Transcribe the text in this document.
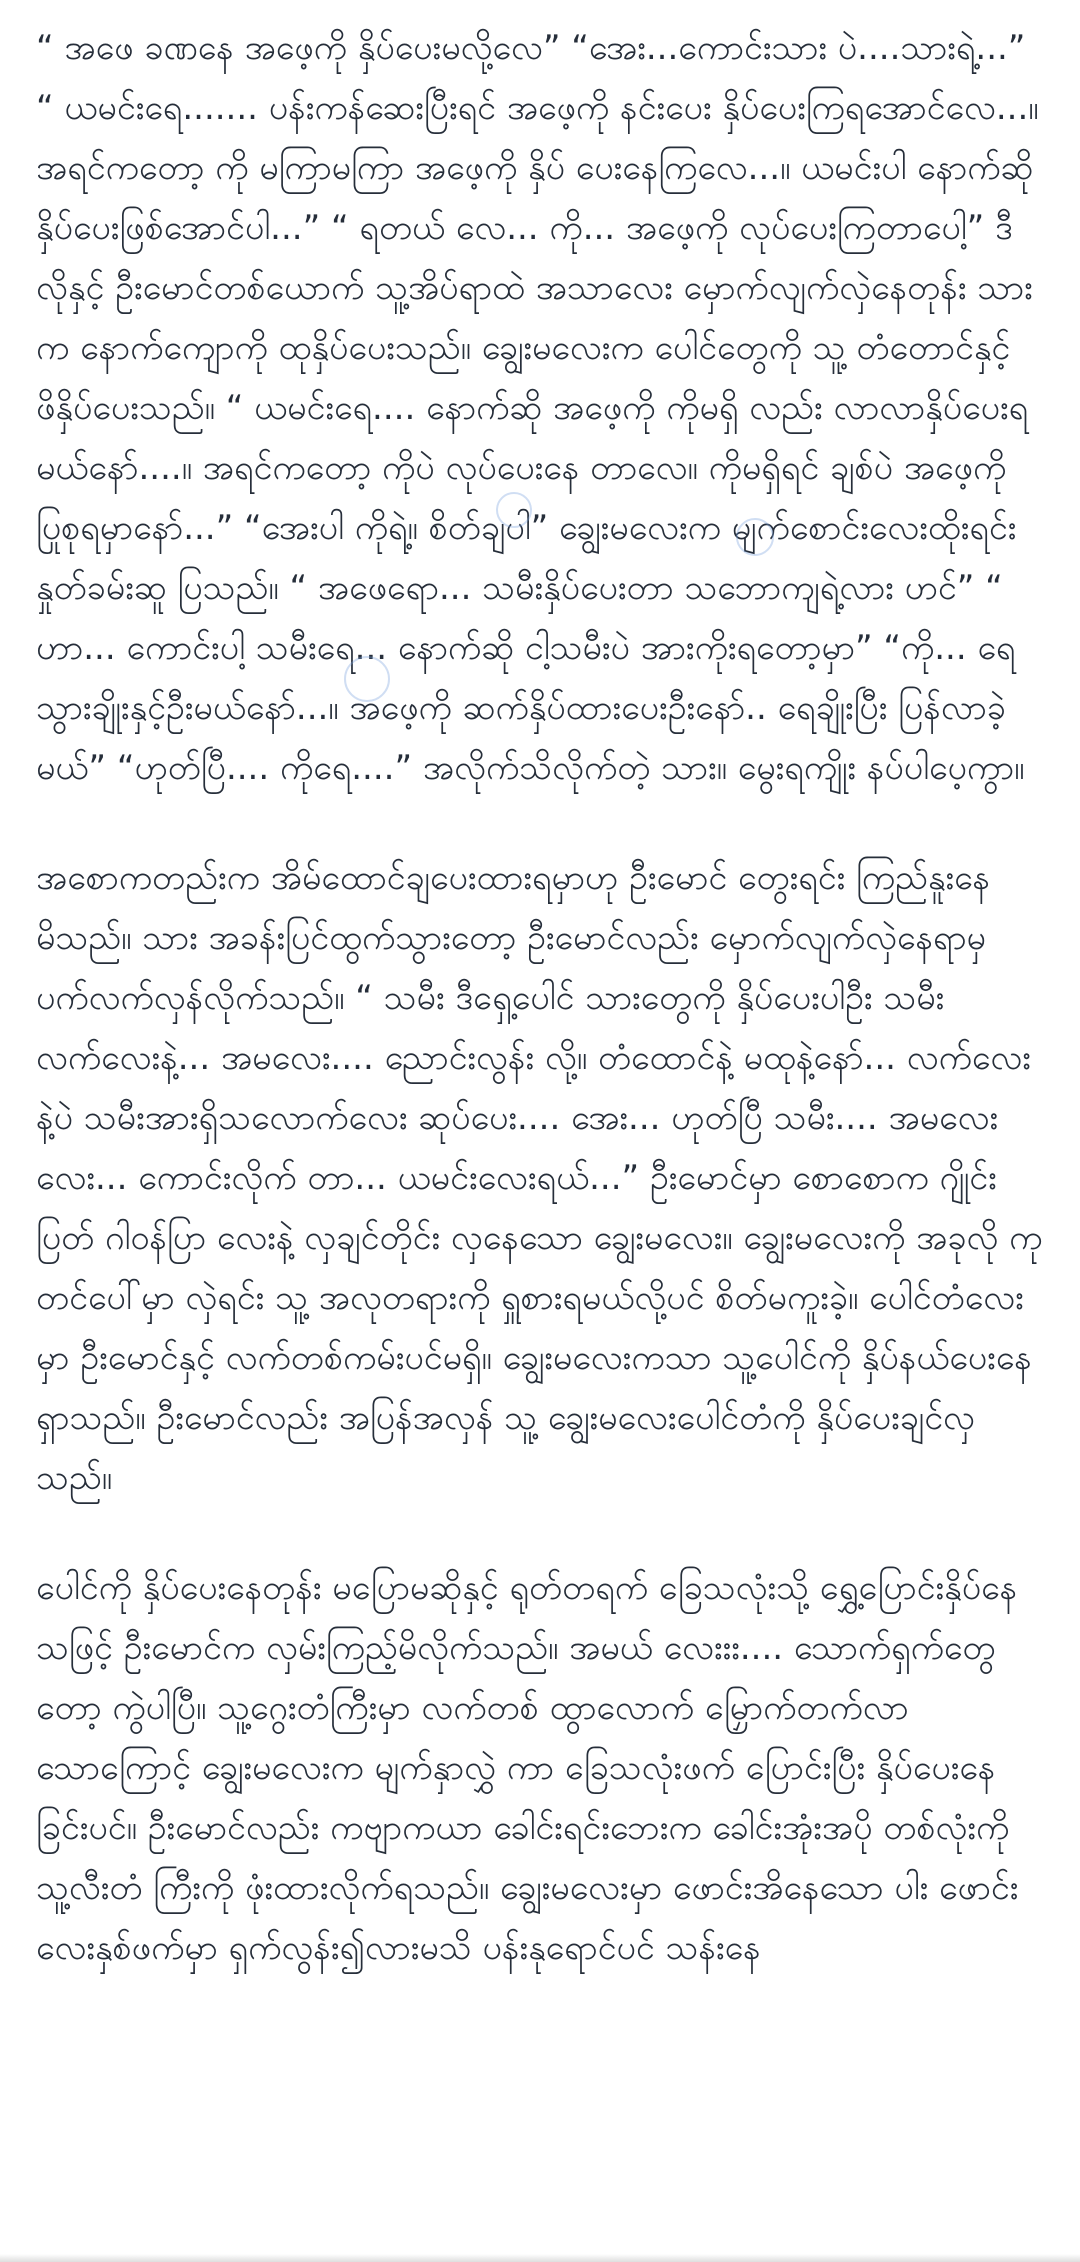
“ အဖေ ခဏနေ အဖေ့ကို နှိပ်ပေးမလို့လေ” “အေး...ကောင်းသား ပဲ....သားရဲ့...” “ ယမင်းရေ....... ပန်းကန်ဆေးပြီးရင် အဖေ့ကို နင်းပေး နှိပ်ပေးကြရအောင်လေ...။ အရင်ကတော့ ကို မကြာမကြာ အဖေ့ကို နှိပ် ပေးနေကြလေ...။ ယမင်းပါ နောက်ဆို နှိပ်ပေးဖြစ်အောင်ပါ...” “ ရတယ် လေ... ကို... အဖေ့ကို လုပ်ပေးကြတာပေါ့” ဒီလိုနှင့် ဦးမောင်တစ်ယောက် သူ့အိပ်ရာထဲ အသာလေး မှောက်လျက်လှဲနေတုန်း သားက နောက်ကျောကို ထုနှိပ်ပေးသည်။ ချွေးမလေးက ပေါင်တွေကို သူ့ တံတောင်နှင့် ဖိနှိပ်ပေးသည်။ “ ယမင်းရေ.... နောက်ဆို အဖေ့ကို ကိုမရှိ လည်း လာလာနှိပ်ပေးရမယ်နော်....။ အရင်ကတော့ ကိုပဲ လုပ်ပေးနေ တာလေ။ ကိုမရှိရင် ချစ်ပဲ အဖေ့ကို ပြုစုရမှာနော်...” “အေးပါ ကိုရဲ့။ စိတ်ချပါ” ချွေးမလေးက မျက်စောင်းလေးထိုးရင်း နှုတ်ခမ်းဆူ ပြသည်။ “ အဖေရော... သမီးနှိပ်ပေးတာ သဘောကျရဲ့လား ဟင်” “ ဟာ... ကောင်းပါ့ သမီးရေ... နောက်ဆို ငါ့သမီးပဲ အားကိုးရတော့မှာ” “ကို... ရေသွားချိုးနှင့်ဦးမယ်နော်...။ အဖေ့ကို ဆက်နှိပ်ထားပေးဦးနော်.. ရေချိုးပြီး ပြန်လာခဲ့မယ်” “ဟုတ်ပြီ.... ကိုရေ....” အလိုက်သိလိုက်တဲ့ သား။ မွေးရကျိုး နပ်ပါပေ့ကွာ။

အစောကတည်းက အိမ်ထောင်ချပေးထားရမှာဟု ဦးမောင် တွေးရင်း ကြည်နူးနေမိသည်။ သား အခန်းပြင်ထွက်သွားတော့ ဦးမောင်လည်း မှောက်လျက်လှဲနေရာမှ ပက်လက်လှန်လိုက်သည်။ “ သမီး ဒီရှေ့ပေါင် သားတွေကို နှိပ်ပေးပါဦး သမီးလက်လေးနဲ့... အမလေး.... ညောင်းလွန်း လို့။ တံထောင်နဲ့ မထုနဲ့နော်... လက်လေးနဲ့ပဲ သမီးအားရှိသလောက်လေး ဆုပ်ပေး.... အေး... ဟုတ်ပြီ သမီး.... အမလေးလေး... ကောင်းလိုက် တာ... ယမင်းလေးရယ်...” ဦးမောင်မှာ စောစောက ဂျိုင်းပြတ် ဂါဝန်ပြာ လေးနဲ့ လှချင်တိုင်း လှနေသော ချွေးမလေး။ ချွေးမလေးကို အခုလို ကု တင်ပေါ်မှာ လှဲရင်း သူ့ အလုတရားကို ရှူစားရမယ်လို့ပင် စိတ်မကူးခဲ့။ ပေါင်တံလေးမှာ ဦးမောင်နှင့် လက်တစ်ကမ်းပင်မရှိ။ ချွေးမလေးကသာ သူ့ပေါင်ကို နှိပ်နယ်ပေးနေရှာသည်။ ဦးမောင်လည်း အပြန်အလှန် သူ့ ချွေးမလေးပေါင်တံကို နှိပ်ပေးချင်လှသည်။

ပေါင်ကို နှိပ်ပေးနေတုန်း မပြောမဆိုနှင့် ရုတ်တရက် ခြေသလုံးသို့ ရွှေ့ပြောင်းနှိပ်နေသဖြင့် ဦးမောင်က လှမ်းကြည့်မိလိုက်သည်။ အမယ် လေးးး.... သောက်ရှက်တွေတော့ ကွဲပါပြီ။ သူ့ဂွေးတံကြီးမှာ လက်တစ် ထွာလောက် မြှောက်တက်လာသောကြောင့် ချွေးမလေးက မျက်နှာလွှဲ ကာ ခြေသလုံးဖက် ပြောင်းပြီး နှိပ်ပေးနေခြင်းပင်။ ဦးမောင်လည်း ကဗျာကယာ ခေါင်းရင်းဘေးက ခေါင်းအုံးအပို တစ်လုံးကို သူ့လီးတံ ကြီးကို ဖုံးထားလိုက်ရသည်။ ချွေးမလေးမှာ ဖောင်းအိနေသော ပါး ဖောင်းလေးနှစ်ဖက်မှာ ရှက်လွန်း၍လားမသိ ပန်းနုရောင်ပင် သန်းနေ
